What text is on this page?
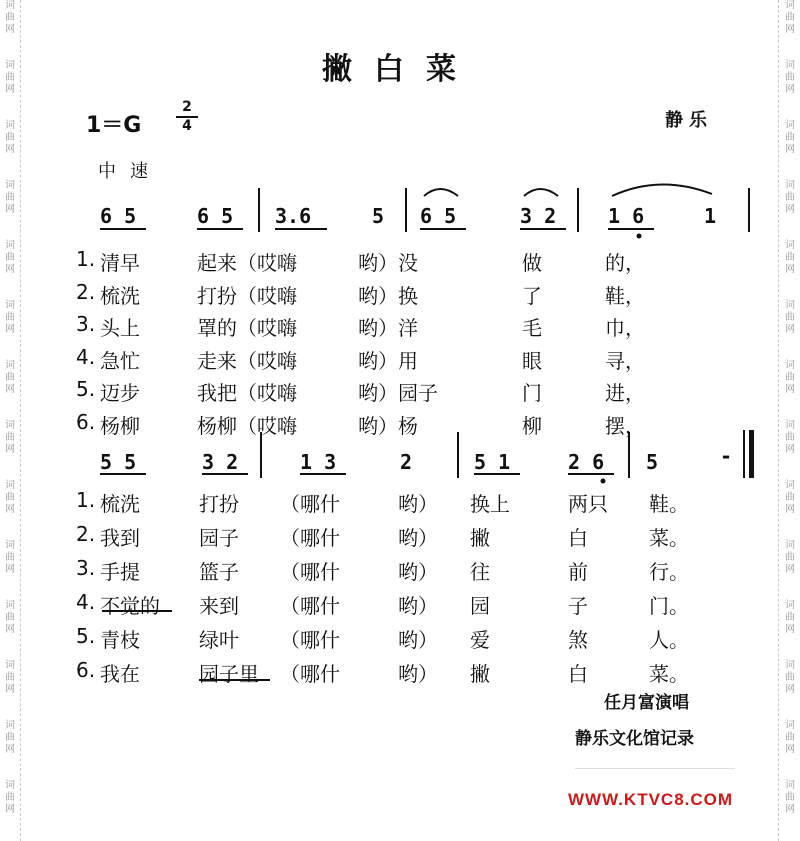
词
曲
网
词
曲
网
词
曲
网
词
曲
网
词
曲
网
词
曲
网
词
曲
网
词
曲
网
词
曲
网
词
曲
网
词
曲
网
词
曲
网
词
曲
网
词
曲
网
词
曲
网
词
曲
网
词
曲
网
词
曲
网
词
曲
网
词
曲
网
词
曲
网
词
曲
网
词
曲
网
词
曲
网
词
曲
网
词
曲
网
词
曲
网
词
曲
网
撇白菜
1＝G
2
4	静乐
中速
6 5	6 5 3.6	5 6 5	3 2	1 6	1
1. 清早	起来（哎嗨	哟）没	做	的，
2. 梳洗	打扮（哎嗨	哟）换	了	鞋，
3. 头上	罩的（哎嗨	哟）洋	毛	巾，
4. 急忙	走来（哎嗨	哟）用	眼	寻，
5. 迈步	我把（哎嗨	哟）园子	门	进，
6. 杨柳	杨柳（哎嗨	哟）杨	柳	摆，
5 5	3 2	1 3	2	5 1	2 6 5	-
1. 梳洗	打扮 （哪什	哟） 换上	两只 鞋。
2. 我到	园子 （哪什	哟） 撇	白	菜。
3. 手提	篮子 （哪什	哟） 往	前	行。
4. 不觉的 来到 （哪什	哟） 园	子	门。
5. 青枝	绿叶 （哪什	哟） 爱	煞	人。
6. 我在	园子里 （哪什	哟） 撇	白	菜。
任月富演唱
静乐文化馆记录
WWW.KTVC8.COM
